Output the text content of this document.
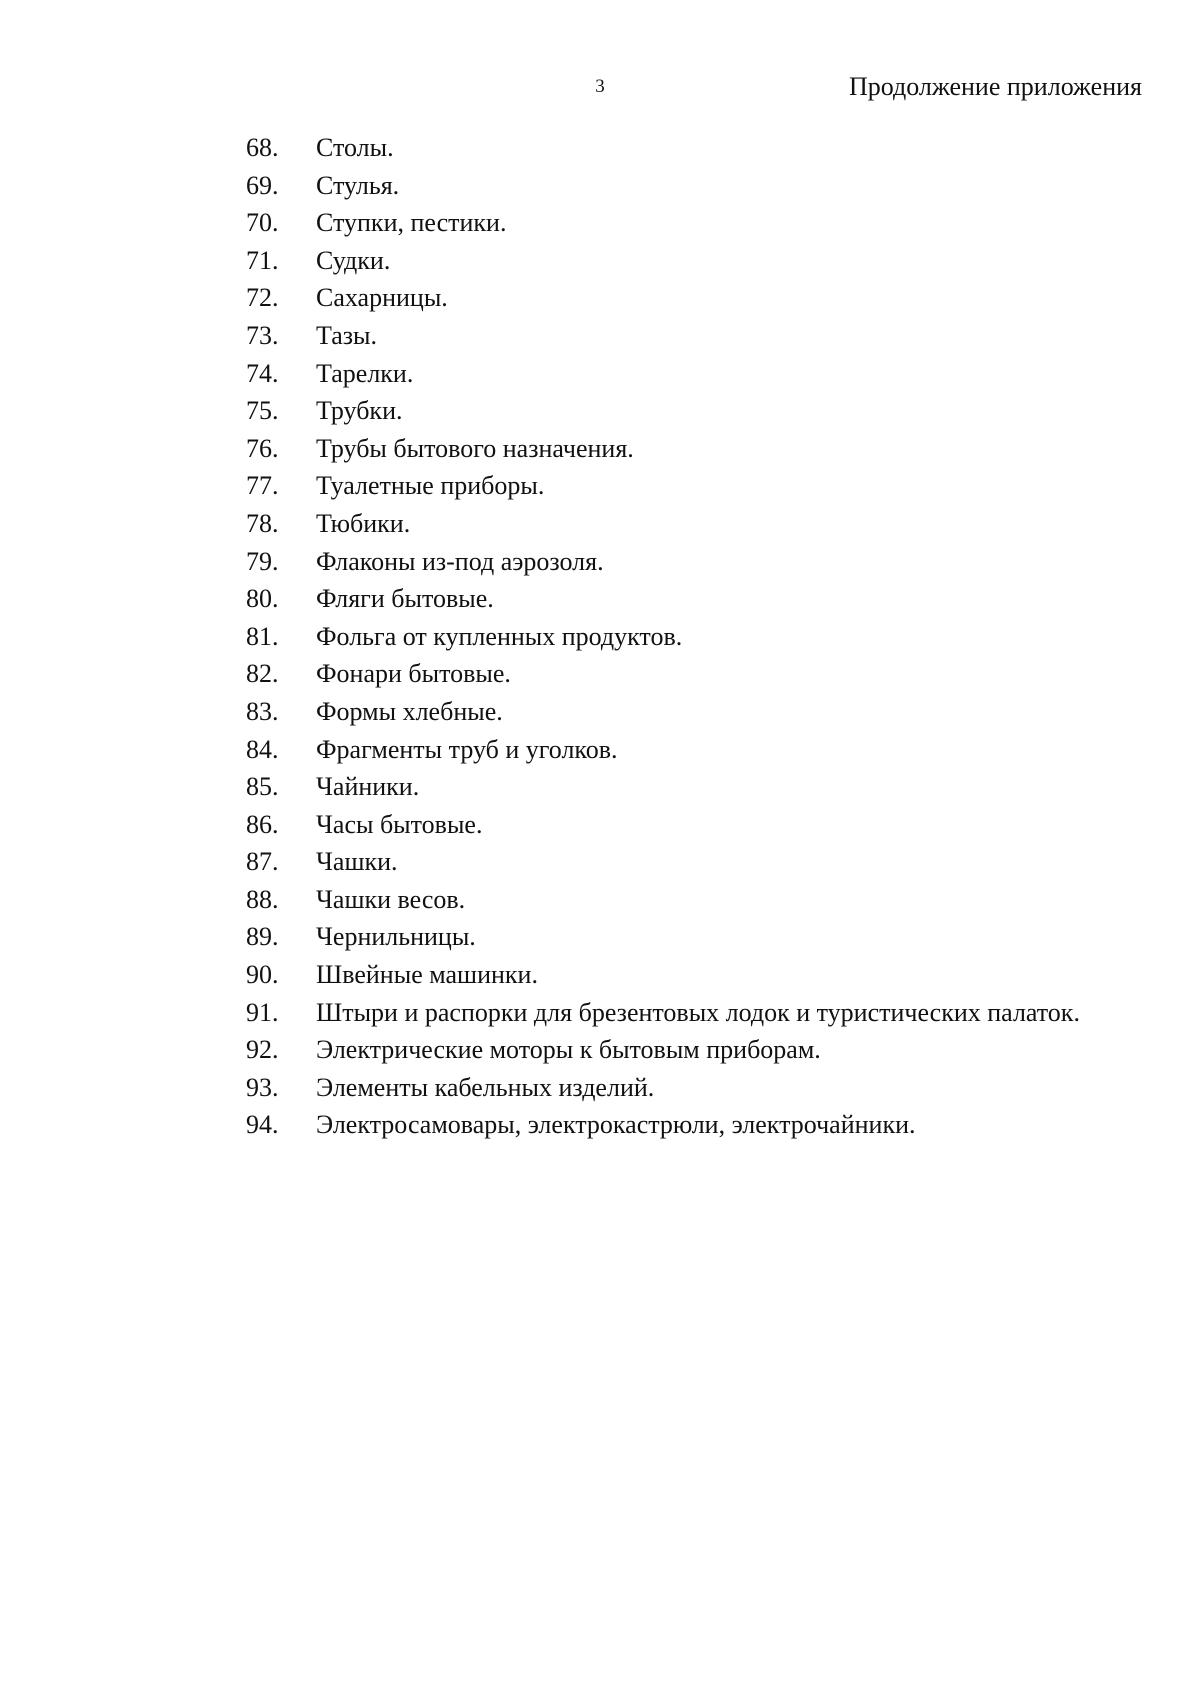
3	Продолжение приложения
68.	Столы.
69.	Стулья.
70.	Ступки, пестики.
71.	Судки.
72.	Сахарницы.
73.	Тазы.
74.	Тарелки.
75.	Трубки.
76.	Трубы бытового назначения.
77.	Туалетные приборы.
78.	Тюбики.
79.	Флаконы из-под аэрозоля.
80.	Фляги бытовые.
81.	Фольга от купленных продуктов.
82.	Фонари бытовые.
83.	Формы хлебные.
84.	Фрагменты труб и уголков.
85.	Чайники.
86.	Часы бытовые.
87.	Чашки.
88.	Чашки весов.
89.	Чернильницы.
90.	Швейные машинки.
91.	Штыри и распорки для брезентовых лодок и туристических палаток.
92.	Электрические моторы к бытовым приборам.
93.	Элементы кабельных изделий.
94.	Электросамовары, электрокастрюли, электрочайники.
